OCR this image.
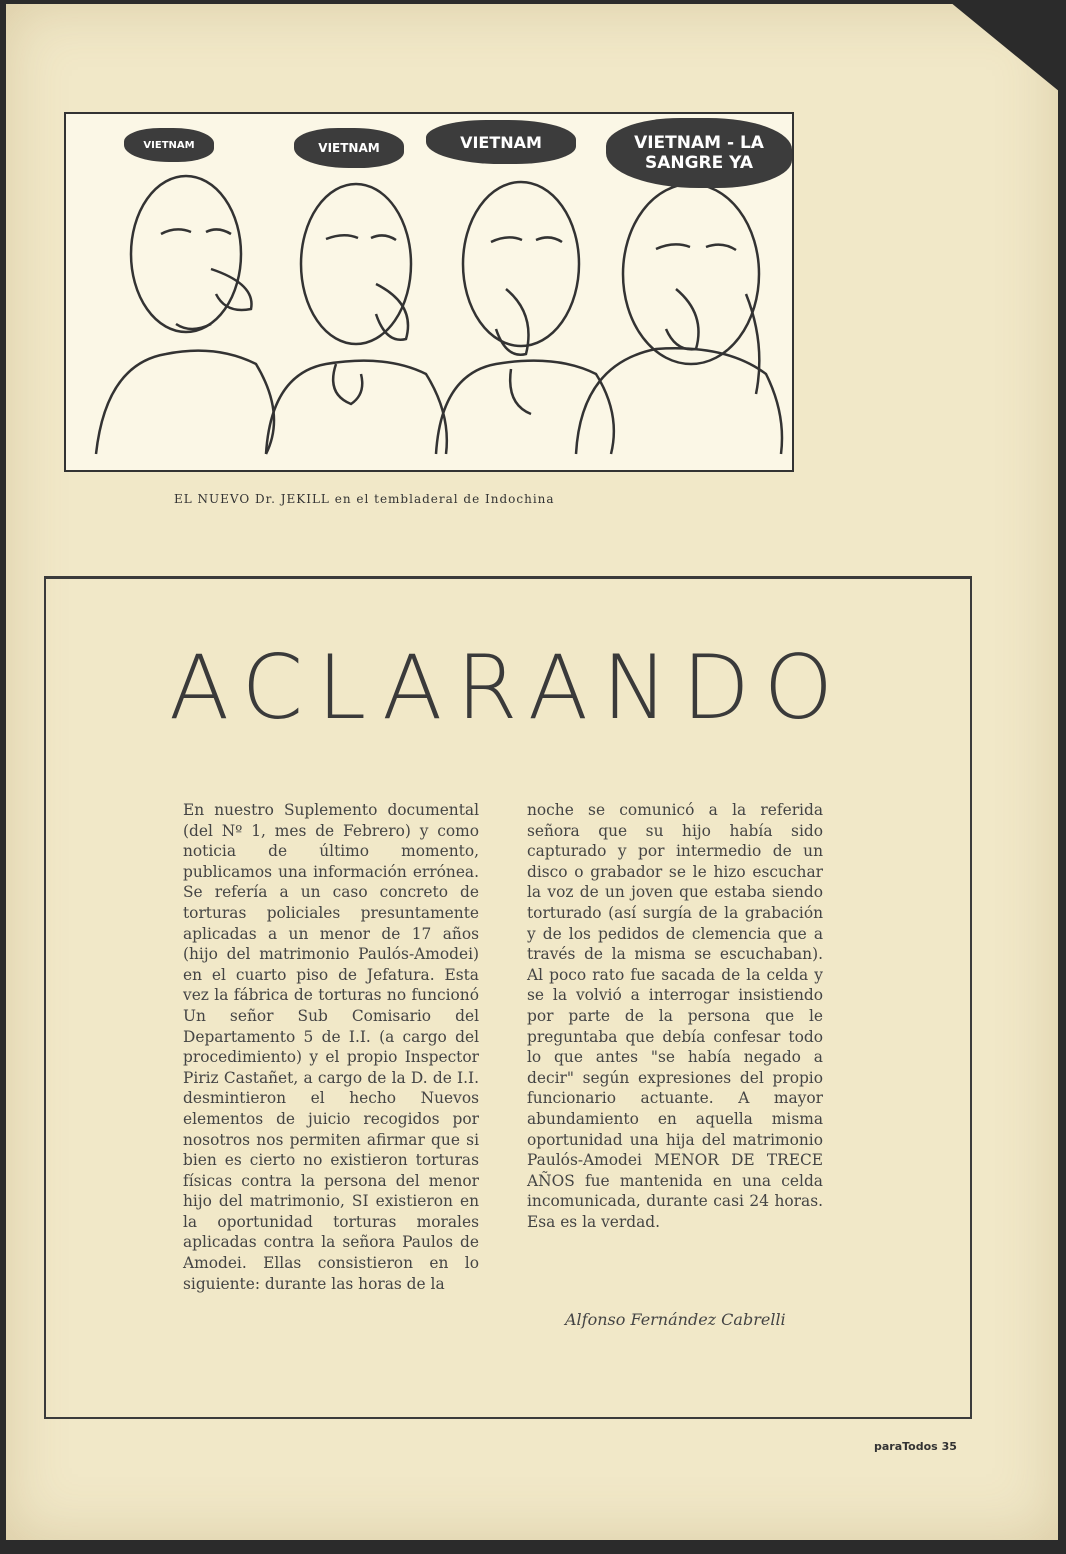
VIETNAM	VIETNAM	VIETNAM	VIETNAM - LA SANGRE YA
EL NUEVO Dr. JEKILL en el tembladeral de Indochina
ACLARANDO
En nuestro Suplemento documental (del Nº 1, mes de Febrero) y como noticia de último momento, publicamos una información errónea. Se refería a un caso concreto de torturas policiales presuntamente aplicadas a un menor de 17 años (hijo del matrimonio Paulós-Amodei) en el cuarto piso de Jefatura. Esta vez la fábrica de torturas no funcionó Un señor Sub Comisario del Departamento 5 de I.I. (a cargo del procedimiento) y el propio Inspector Piriz Castañet, a cargo de la D. de I.I. desmintieron el hecho Nuevos elementos de juicio recogidos por nosotros nos permiten afirmar que si bien es cierto no existieron torturas físicas contra la persona del menor hijo del matrimonio, SI existieron en la oportunidad torturas morales aplicadas contra la señora Paulos de Amodei. Ellas consistieron en lo siguiente: durante las horas de la
noche se comunicó a la referida señora que su hijo había sido capturado y por intermedio de un disco o grabador se le hizo escuchar la voz de un joven que estaba siendo torturado (así surgía de la grabación y de los pedidos de clemencia que a través de la misma se escuchaban). Al poco rato fue sacada de la celda y se la volvió a interrogar insistiendo por parte de la persona que le preguntaba que debía confesar todo lo que antes "se había negado a decir" según expresiones del propio funcionario actuante. A mayor abundamiento en aquella misma oportunidad una hija del matrimonio Paulós-Amodei MENOR DE TRECE AÑOS fue mantenida en una celda incomunicada, durante casi 24 horas. Esa es la verdad.
Alfonso Fernández Cabrelli
paraTodos 35
